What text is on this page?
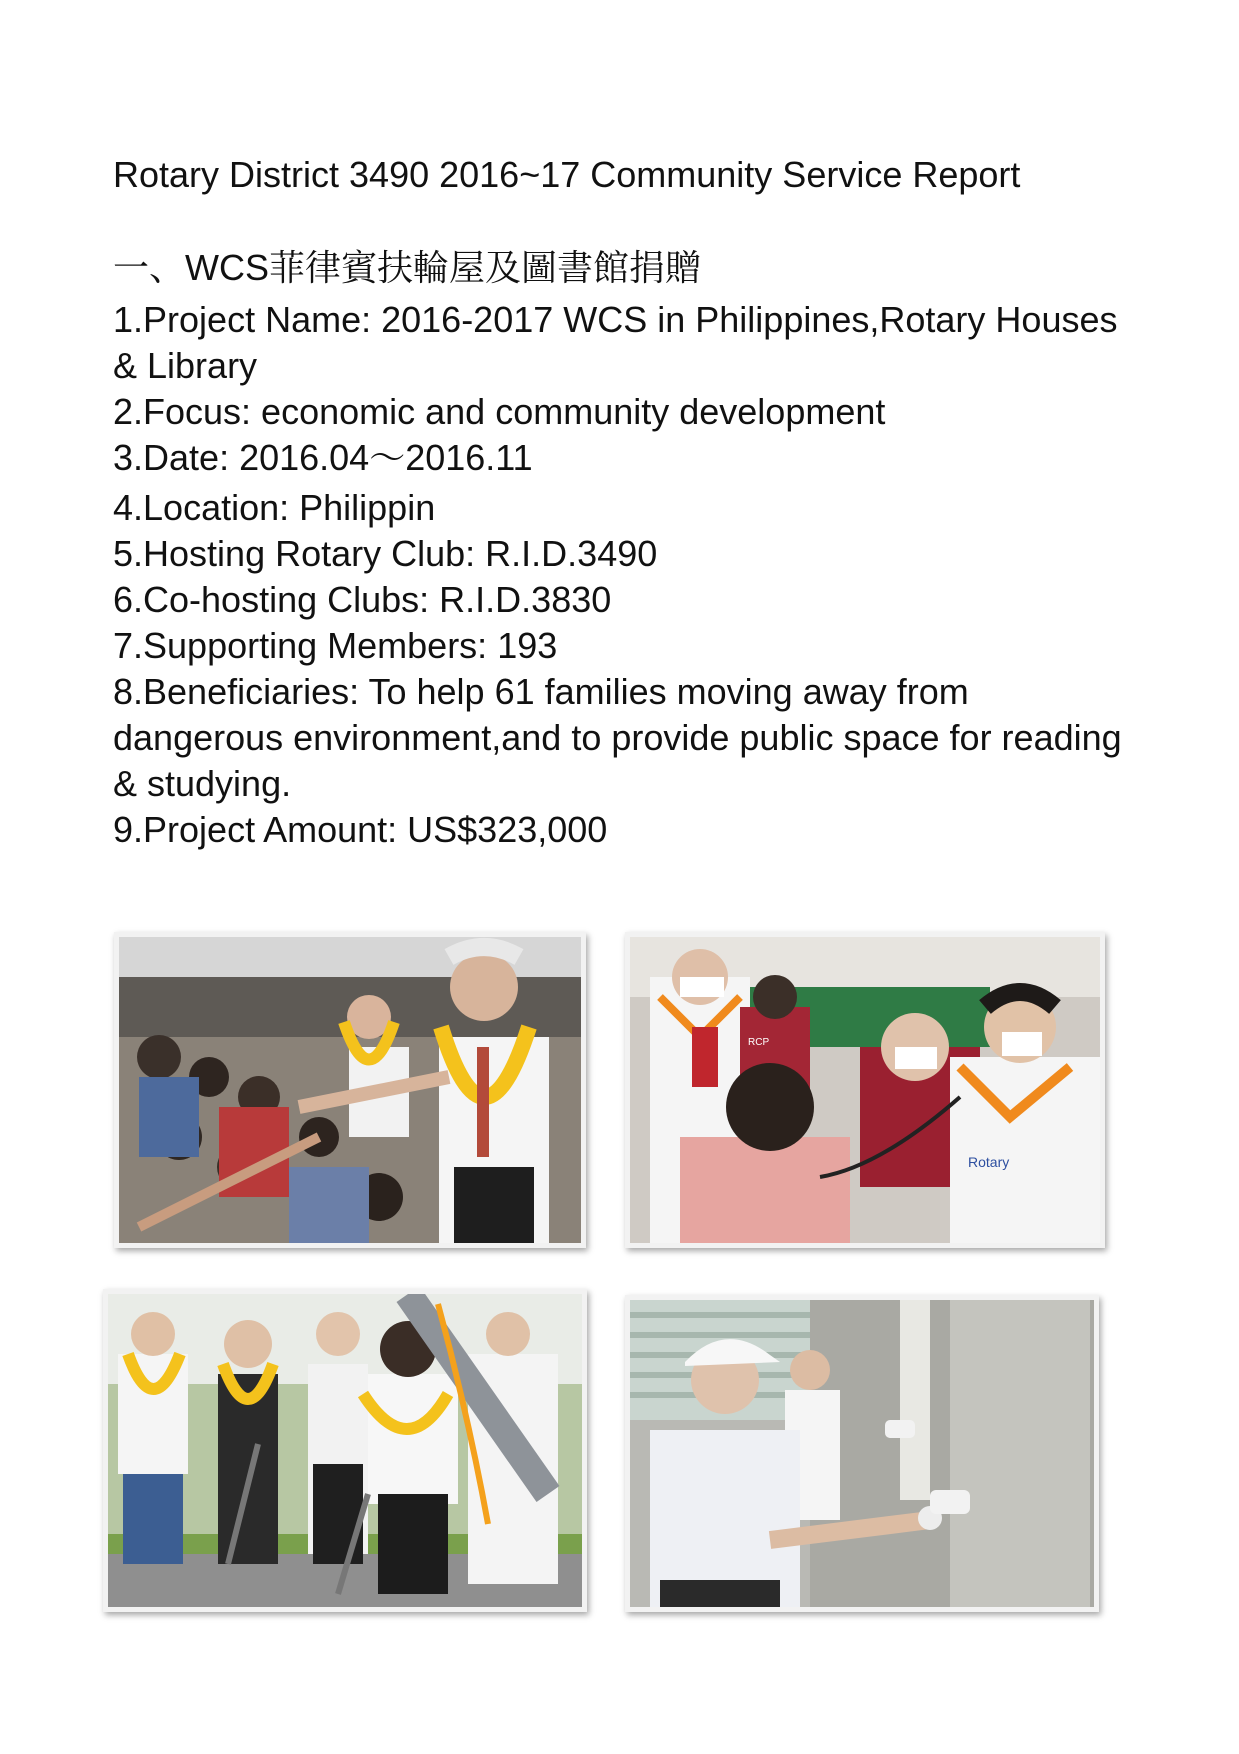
Rotary District 3490 2016~17 Community Service Report
一、WCS菲律賓扶輪屋及圖書館捐贈
1.Project Name: 2016-2017 WCS in Philippines,Rotary Houses & Library
2.Focus: economic and community development
3.Date: 2016.04～2016.11
4.Location: Philippin
5.Hosting Rotary Club: R.I.D.3490
6.Co-hosting Clubs: R.I.D.3830
7.Supporting Members: 193
8.Beneficiaries: To help 61 families moving away from dangerous environment,and to provide public space for reading & studying.
9.Project Amount: US$323,000
Rotary
RCP
